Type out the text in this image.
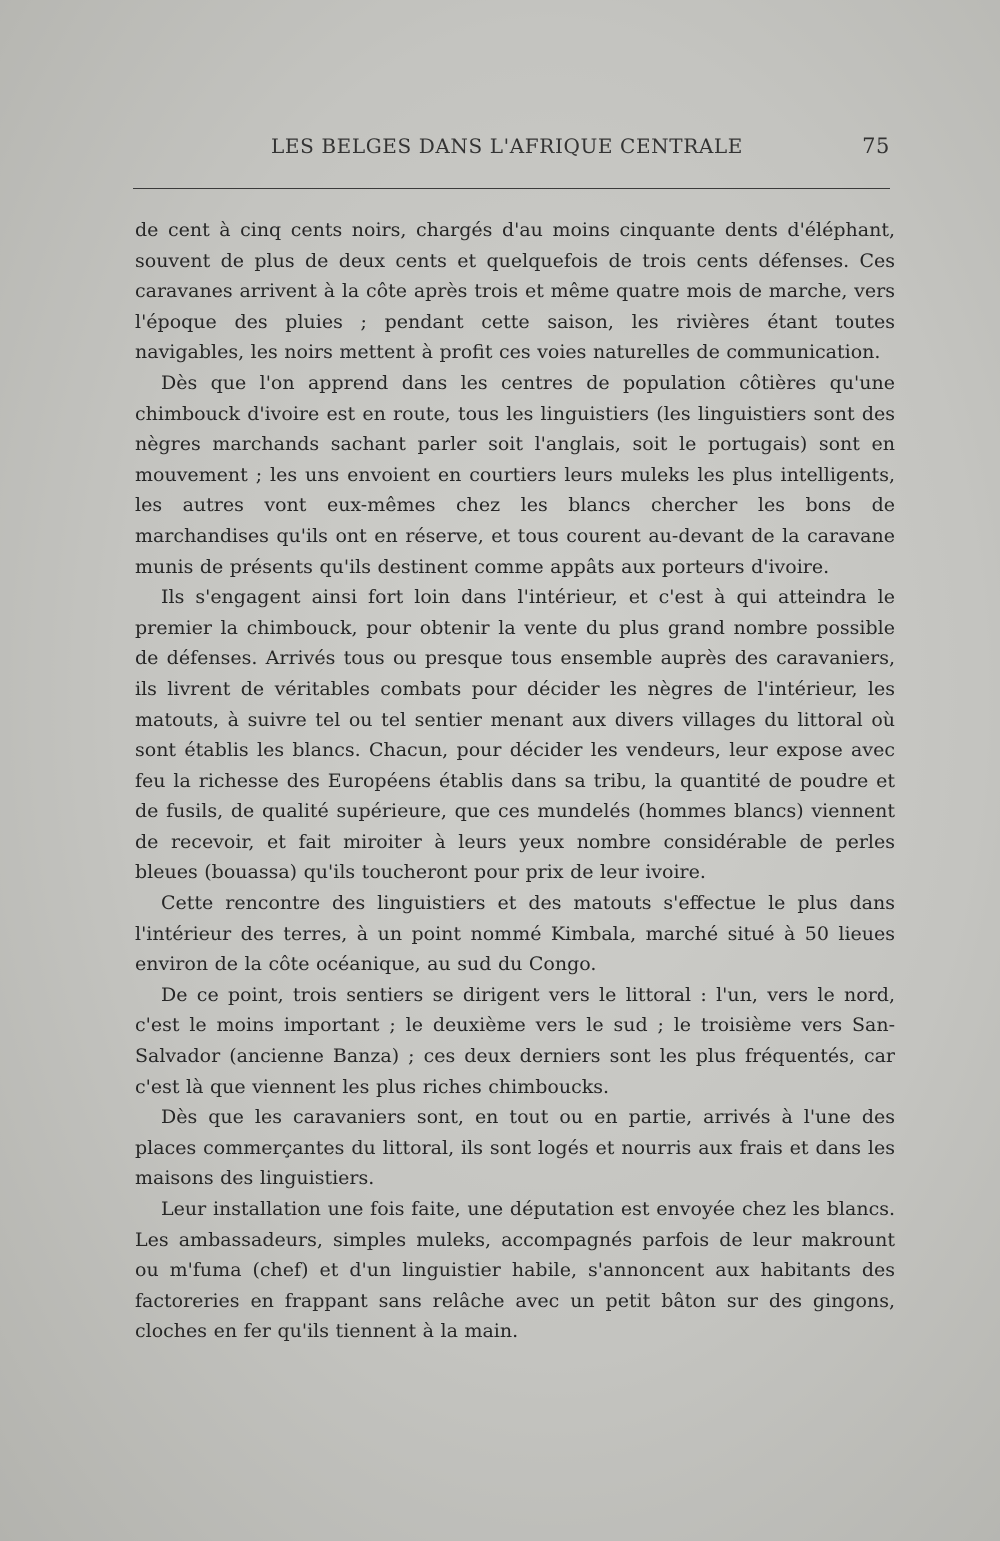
LES BELGES DANS L'AFRIQUE CENTRALE	75

de cent à cinq cents noirs, chargés d'au moins cinquante dents d'éléphant, souvent de plus de deux cents et quelquefois de trois cents défenses. Ces caravanes arrivent à la côte après trois et même quatre mois de marche, vers l'époque des pluies ; pendant cette saison, les rivières étant toutes navigables, les noirs mettent à profit ces voies naturelles de communication.

Dès que l'on apprend dans les centres de population côtières qu'une chimbouck d'ivoire est en route, tous les linguistiers (les linguistiers sont des nègres marchands sachant parler soit l'anglais, soit le portugais) sont en mouvement ; les uns envoient en courtiers leurs muleks les plus intelligents, les autres vont eux-mêmes chez les blancs chercher les bons de marchandises qu'ils ont en réserve, et tous courent au-devant de la caravane munis de présents qu'ils destinent comme appâts aux porteurs d'ivoire.

Ils s'engagent ainsi fort loin dans l'intérieur, et c'est à qui atteindra le premier la chimbouck, pour obtenir la vente du plus grand nombre possible de défenses. Arrivés tous ou presque tous ensemble auprès des caravaniers, ils livrent de véritables combats pour décider les nègres de l'intérieur, les matouts, à suivre tel ou tel sentier menant aux divers villages du littoral où sont établis les blancs. Chacun, pour décider les vendeurs, leur expose avec feu la richesse des Européens établis dans sa tribu, la quantité de poudre et de fusils, de qualité supérieure, que ces mundelés (hommes blancs) viennent de recevoir, et fait miroiter à leurs yeux nombre considérable de perles bleues (bouassa) qu'ils toucheront pour prix de leur ivoire.

Cette rencontre des linguistiers et des matouts s'effectue le plus dans l'intérieur des terres, à un point nommé Kimbala, marché situé à 50 lieues environ de la côte océanique, au sud du Congo.

De ce point, trois sentiers se dirigent vers le littoral : l'un, vers le nord, c'est le moins important ; le deuxième vers le sud ; le troisième vers San-Salvador (ancienne Banza) ; ces deux derniers sont les plus fréquentés, car c'est là que viennent les plus riches chimboucks.

Dès que les caravaniers sont, en tout ou en partie, arrivés à l'une des places commerçantes du littoral, ils sont logés et nourris aux frais et dans les maisons des linguistiers.

Leur installation une fois faite, une députation est envoyée chez les blancs. Les ambassadeurs, simples muleks, accompagnés parfois de leur makrount ou m'fuma (chef) et d'un linguistier habile, s'annoncent aux habitants des factoreries en frappant sans relâche avec un petit bâton sur des gingons, cloches en fer qu'ils tiennent à la main.
